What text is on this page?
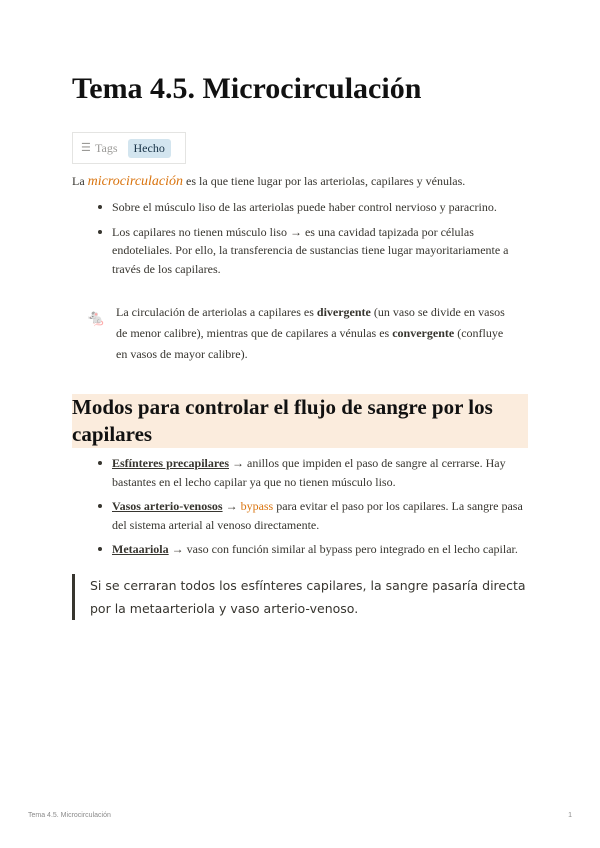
Tema 4.5. Microcirculación
☰ Tags	Hecho
La microcirculación es la que tiene lugar por las arteriolas, capilares y vénulas.
Sobre el músculo liso de las arteriolas puede haber control nervioso y paracrino.
Los capilares no tienen músculo liso → es una cavidad tapizada por células endoteliales. Por ello, la transferencia de sustancias tiene lugar mayoritariamente a través de los capilares.
🐁 La circulación de arteriolas a capilares es divergente (un vaso se divide en vasos de menor calibre), mientras que de capilares a vénulas es convergente (confluye en vasos de mayor calibre).
Modos para controlar el flujo de sangre por los capilares
Esfínteres precapilares → anillos que impiden el paso de sangre al cerrarse. Hay bastantes en el lecho capilar ya que no tienen músculo liso.
Vasos arterio-venosos → bypass para evitar el paso por los capilares. La sangre pasa del sistema arterial al venoso directamente.
Metaariola → vaso con función similar al bypass pero integrado en el lecho capilar.
Si se cerraran todos los esfínteres capilares, la sangre pasaría directa por la metaarteriola y vaso arterio-venoso.
Tema 4.5. Microcirculación	1
